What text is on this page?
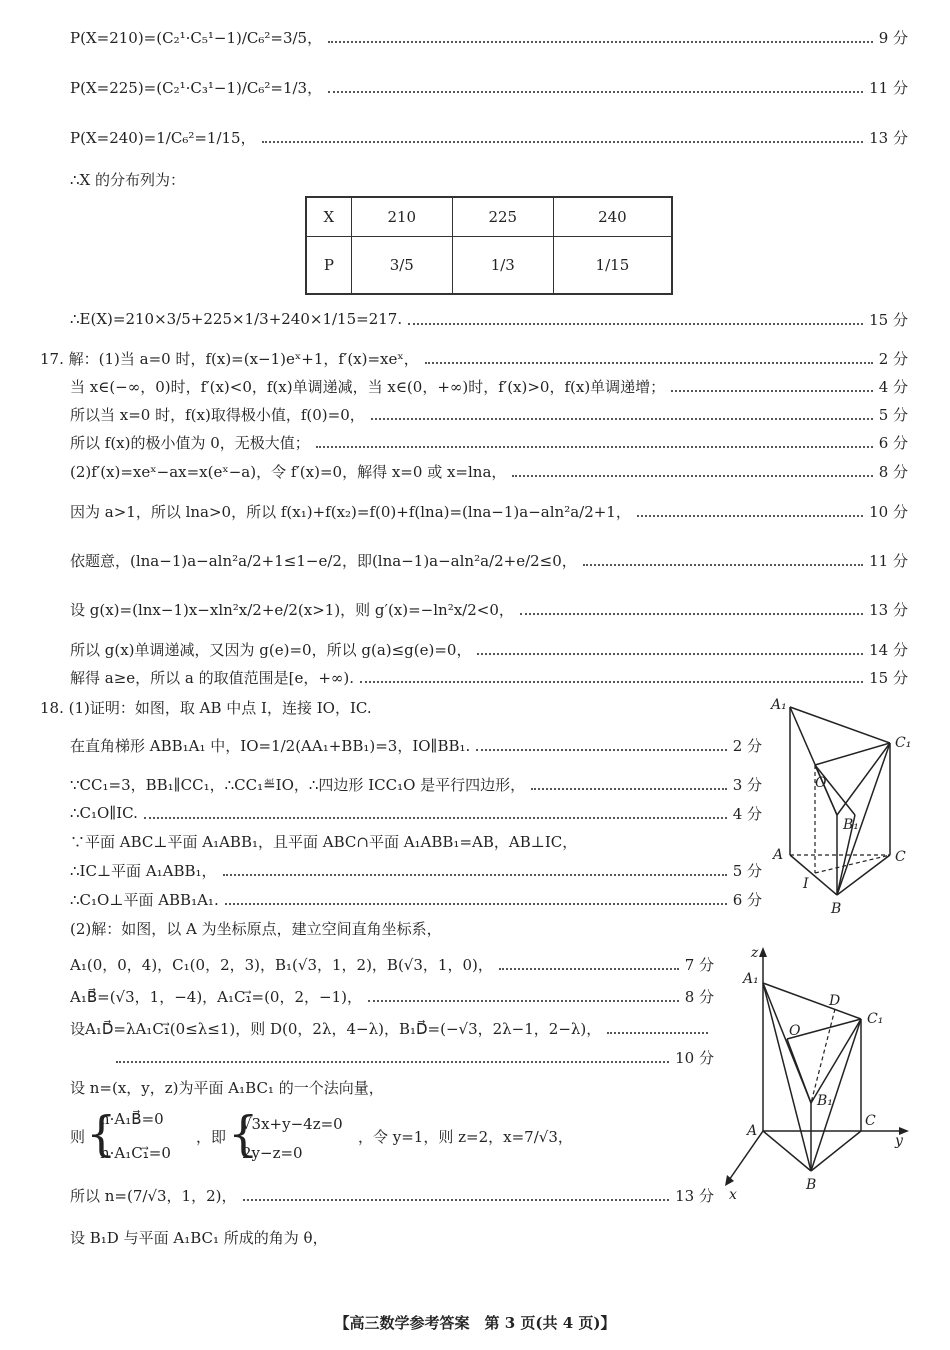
P(X=210)=(C₂¹·C₅¹−1)/C₆²=3/5，	9 分
P(X=225)=(C₂¹·C₃¹−1)/C₆²=1/3，	11 分
P(X=240)=1/C₆²=1/15，	13 分
∴X 的分布列为：
X	210	225	240
P	3/5	1/3	1/15
∴E(X)=210×3/5+225×1/3+240×1/15=217.	15 分
17. 解：(1)当 a=0 时，f(x)=(x−1)eˣ+1，f′(x)=xeˣ，	2 分
当 x∈(−∞，0)时，f′(x)<0，f(x)单调递减，当 x∈(0，+∞)时，f′(x)>0，f(x)单调递增；	4 分
所以当 x=0 时，f(x)取得极小值，f(0)=0，	5 分
所以 f(x)的极小值为 0，无极大值；	6 分
(2)f′(x)=xeˣ−ax=x(eˣ−a)，令 f′(x)=0，解得 x=0 或 x=lna，	8 分
因为 a>1，所以 lna>0，所以 f(x₁)+f(x₂)=f(0)+f(lna)=(lna−1)a−aln²a/2+1，	10 分
依题意，(lna−1)a−aln²a/2+1≤1−e/2，即(lna−1)a−aln²a/2+e/2≤0，	11 分
设 g(x)=(lnx−1)x−xln²x/2+e/2(x>1)，则 g′(x)=−ln²x/2<0，	13 分
所以 g(x)单调递减，又因为 g(e)=0，所以 g(a)≤g(e)=0，	14 分
解得 a≥e，所以 a 的取值范围是[e，+∞).	15 分
18. (1)证明：如图，取 AB 中点 I，连接 IO，IC.
在直角梯形 ABB₁A₁ 中，IO=1/2(AA₁+BB₁)=3，IO∥BB₁.	2 分
∵CC₁=3，BB₁∥CC₁，∴CC₁≝IO，∴四边形 ICC₁O 是平行四边形，	3 分
∴C₁O∥IC.	4 分
∵平面 ABC⊥平面 A₁ABB₁，且平面 ABC∩平面 A₁ABB₁=AB，AB⊥IC，
∴IC⊥平面 A₁ABB₁，	5 分
∴C₁O⊥平面 ABB₁A₁.	6 分
(2)解：如图，以 A 为坐标原点，建立空间直角坐标系，
A₁(0，0，4)，C₁(0，2，3)，B₁(√3，1，2)，B(√3，1，0)，	7 分
A₁B⃗=(√3，1，−4)，A₁C₁⃗=(0，2，−1)，	8 分
设A₁D⃗=λA₁C₁⃗(0≤λ≤1)，则 D(0，2λ，4−λ)，B₁D⃗=(−√3，2λ−1，2−λ)，
10 分
设 n=(x，y，z)为平面 A₁BC₁ 的一个法向量，
则 {
n·A₁B⃗=0
n·A₁C₁⃗=0
，即 {
√3x+y−4z=0
2y−z=0
，令 y=1，则 z=2，x=7/√3，
所以 n=(7/√3，1，2)，	13 分
设 B₁D 与平面 A₁BC₁ 所成的角为 θ，
A₁
O
C₁
B₁
A	C
I
B
z
A₁
D
C₁
O
B₁
A
C
y
B
x
【高三数学参考答案　第 3 页(共 4 页)】
